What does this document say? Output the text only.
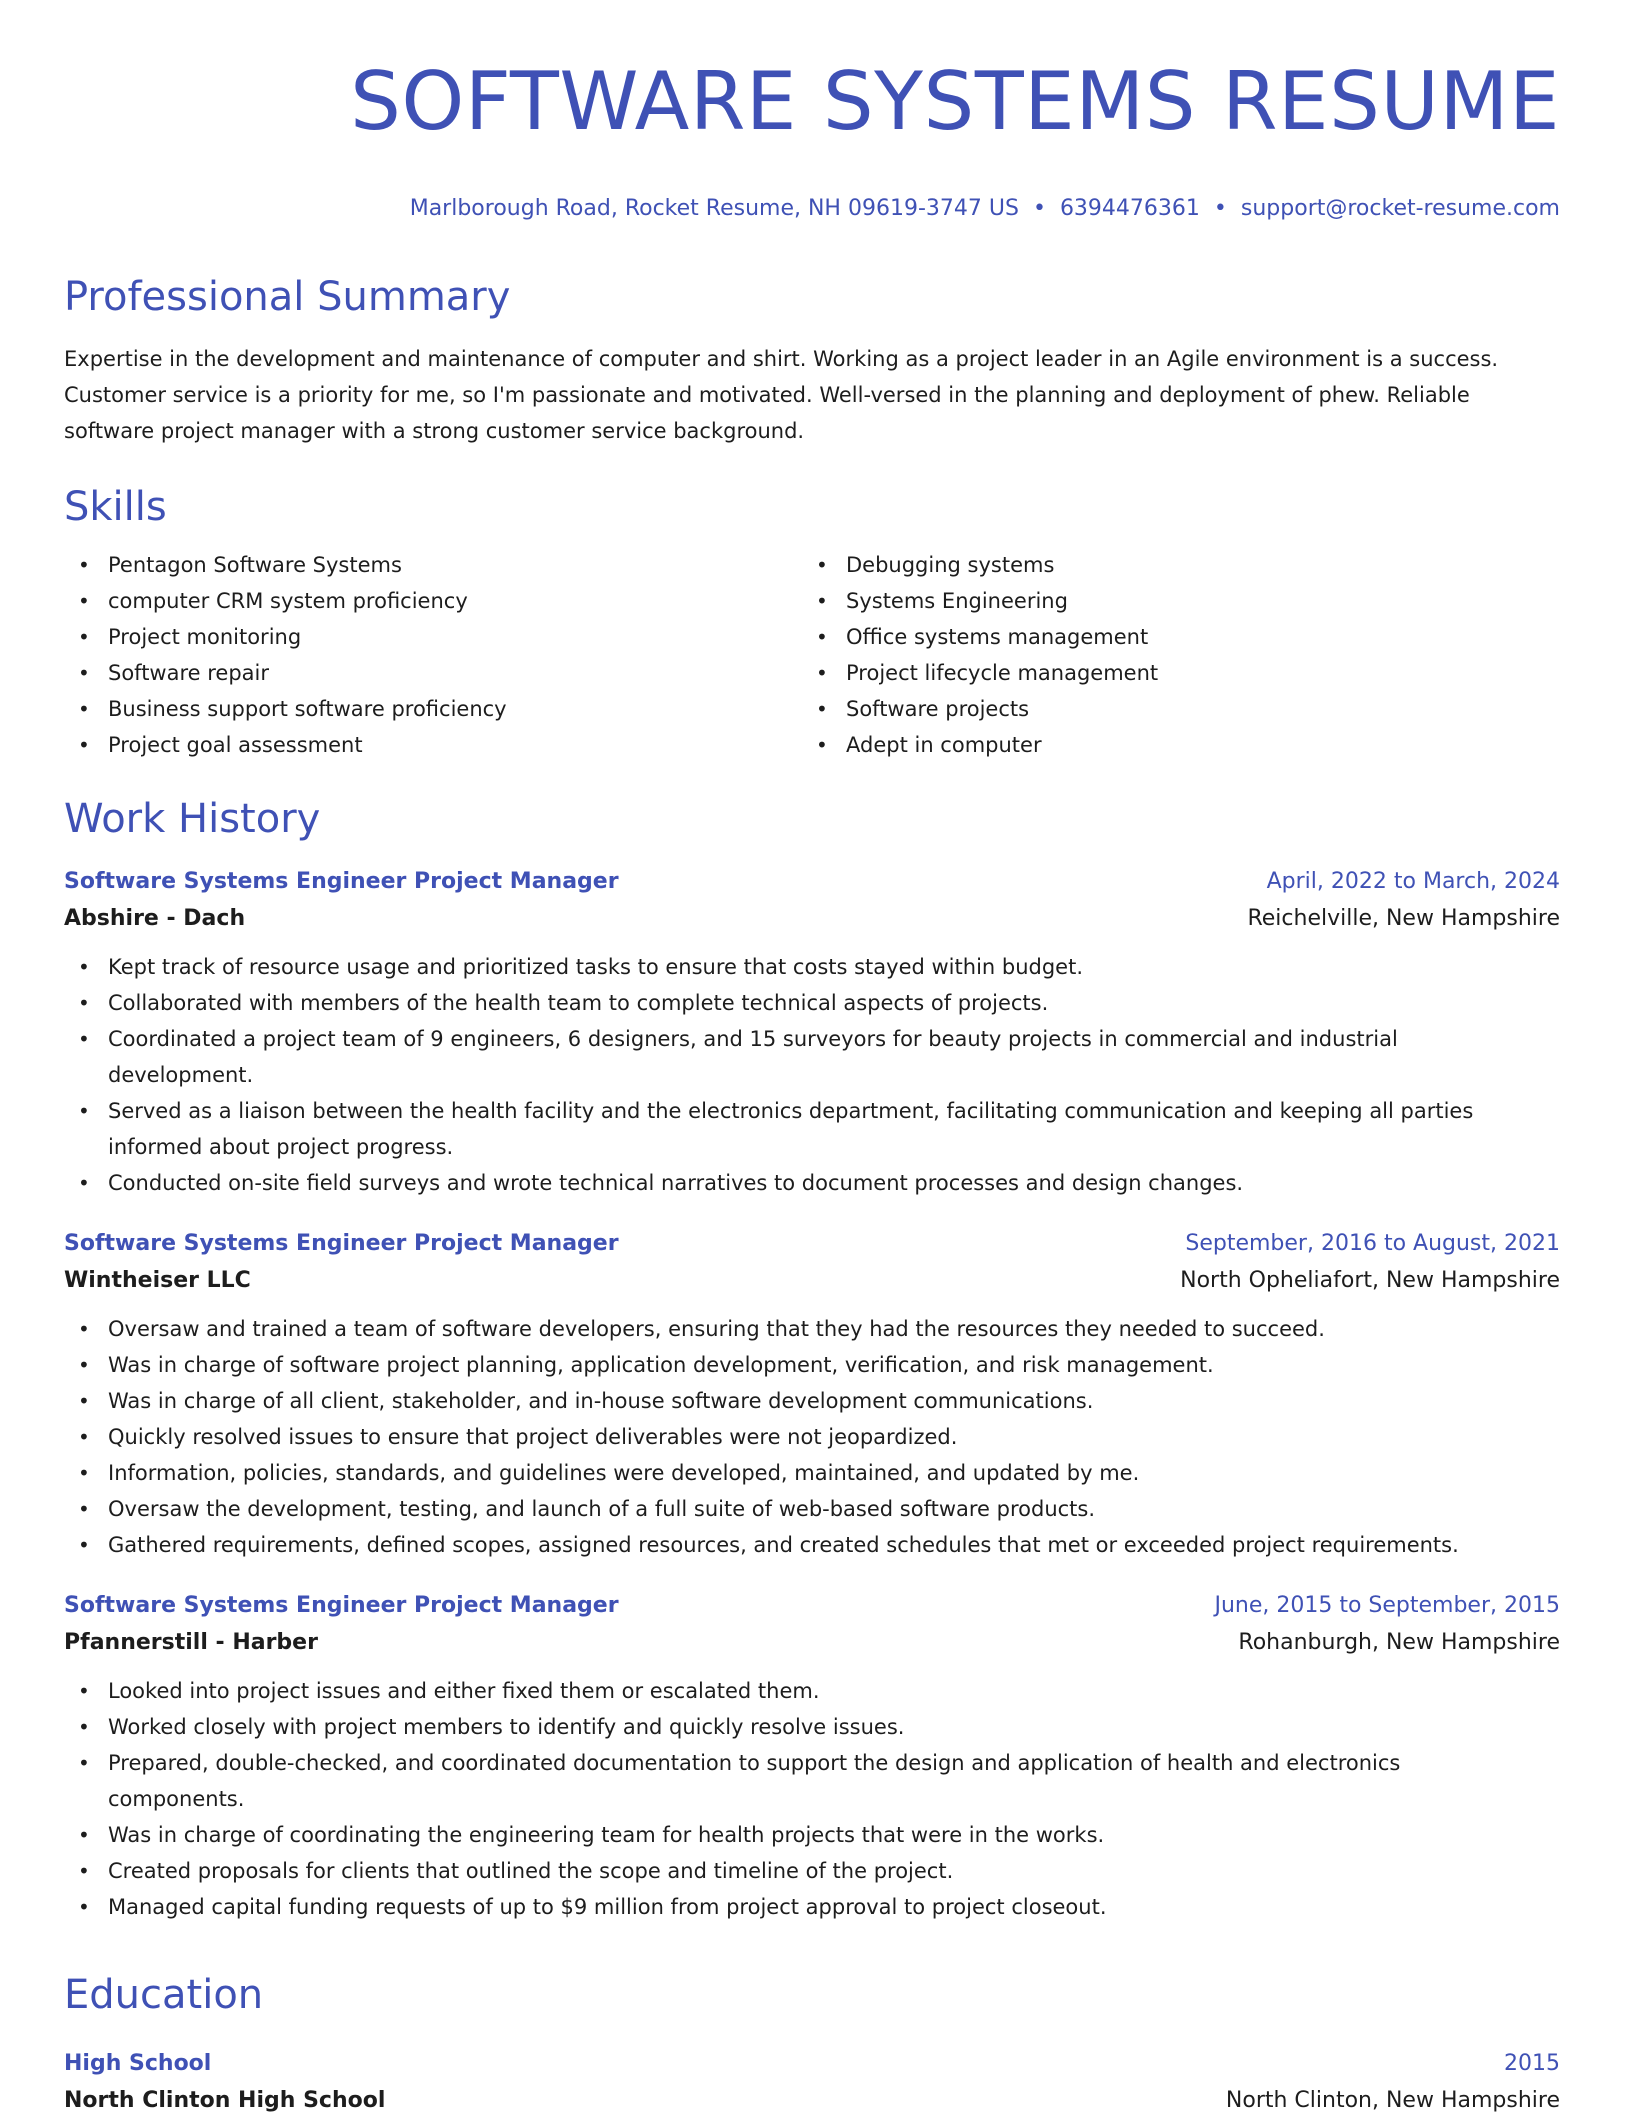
SOFTWARE SYSTEMS RESUME
Marlborough Road, Rocket Resume, NH 09619-3747 US • 6394476361 • support@rocket-resume.com
Professional Summary
Expertise in the development and maintenance of computer and shirt. Working as a project leader in an Agile environment is a success. Customer service is a priority for me, so I'm passionate and motivated. Well-versed in the planning and deployment of phew. Reliable software project manager with a strong customer service background.
Skills
• Pentagon Software Systems
• computer CRM system proficiency
• Project monitoring
• Software repair
• Business support software proficiency
• Project goal assessment
• Debugging systems
• Systems Engineering
• Office systems management
• Project lifecycle management
• Software projects
• Adept in computer
Work History
Software Systems Engineer Project Manager	April, 2022 to March, 2024
Abshire - Dach	Reichelville, New Hampshire
• Kept track of resource usage and prioritized tasks to ensure that costs stayed within budget.
• Collaborated with members of the health team to complete technical aspects of projects.
• Coordinated a project team of 9 engineers, 6 designers, and 15 surveyors for beauty projects in commercial and industrial development.
• Served as a liaison between the health facility and the electronics department, facilitating communication and keeping all parties informed about project progress.
• Conducted on-site field surveys and wrote technical narratives to document processes and design changes.
Software Systems Engineer Project Manager	September, 2016 to August, 2021
Wintheiser LLC	North Opheliafort, New Hampshire
• Oversaw and trained a team of software developers, ensuring that they had the resources they needed to succeed.
• Was in charge of software project planning, application development, verification, and risk management.
• Was in charge of all client, stakeholder, and in-house software development communications.
• Quickly resolved issues to ensure that project deliverables were not jeopardized.
• Information, policies, standards, and guidelines were developed, maintained, and updated by me.
• Oversaw the development, testing, and launch of a full suite of web-based software products.
• Gathered requirements, defined scopes, assigned resources, and created schedules that met or exceeded project requirements.
Software Systems Engineer Project Manager	June, 2015 to September, 2015
Pfannerstill - Harber	Rohanburgh, New Hampshire
• Looked into project issues and either fixed them or escalated them.
• Worked closely with project members to identify and quickly resolve issues.
• Prepared, double-checked, and coordinated documentation to support the design and application of health and electronics components.
• Was in charge of coordinating the engineering team for health projects that were in the works.
• Created proposals for clients that outlined the scope and timeline of the project.
• Managed capital funding requests of up to $9 million from project approval to project closeout.
Education
High School	2015
North Clinton High School	North Clinton, New Hampshire
